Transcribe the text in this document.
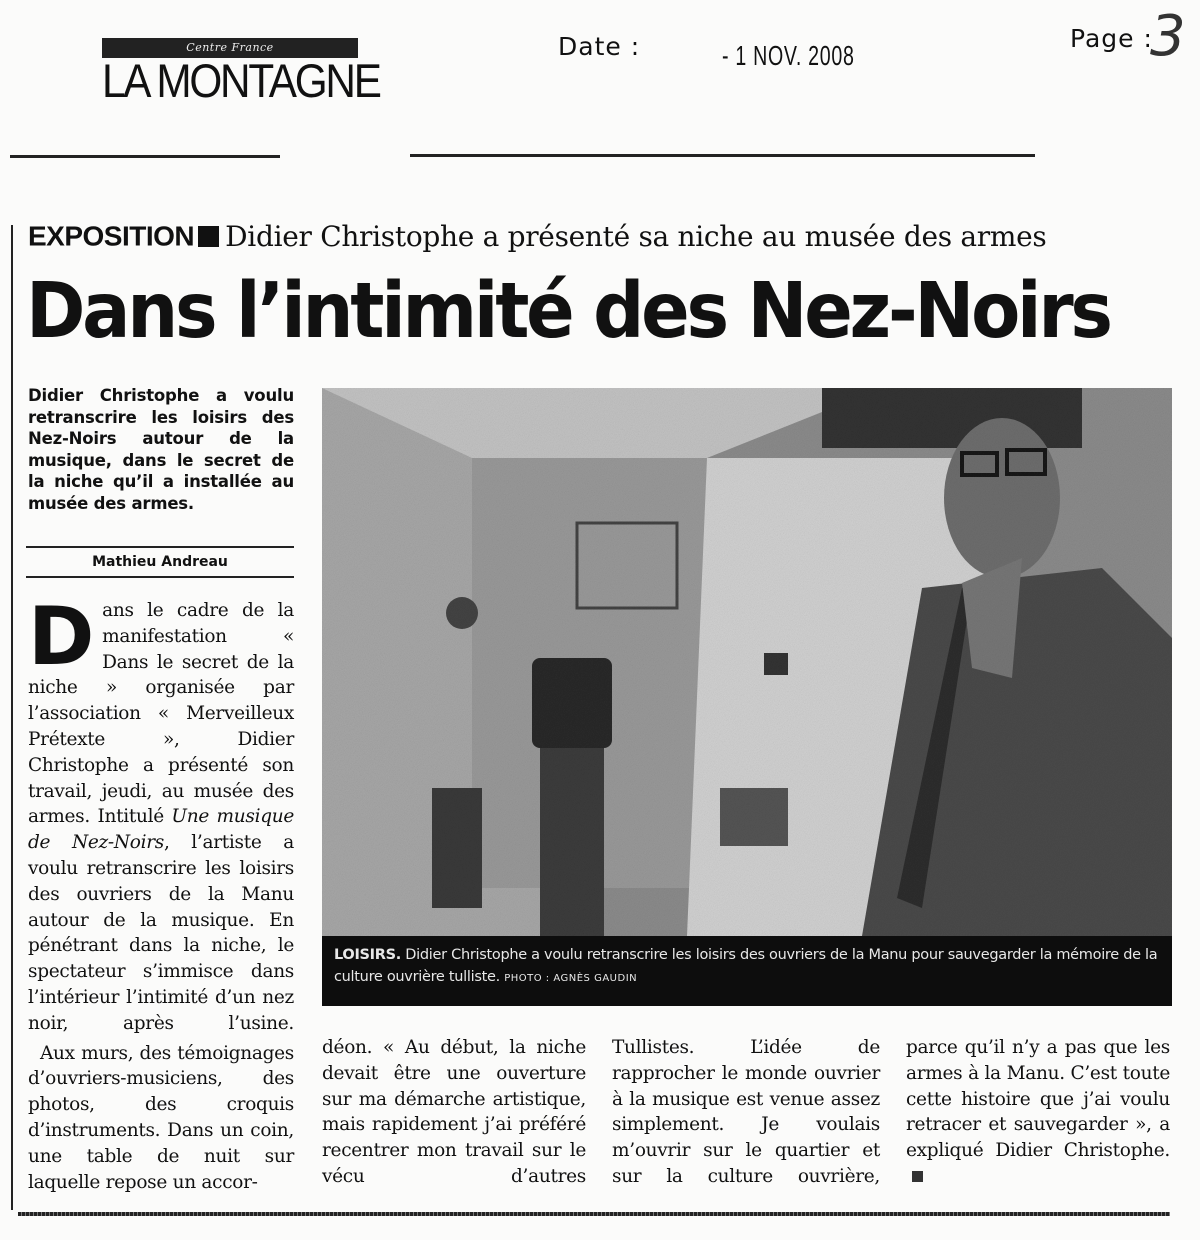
Centre France
LA MONTAGNE
Date :	- 1 NOV. 2008
Page :
3
EXPOSITION Didier Christophe a présenté sa niche au musée des armes
Dans l’intimité des Nez-Noirs
Didier Christophe a voulu retranscrire les loisirs des Nez-Noirs autour de la musique, dans le secret de la niche qu’il a installée au musée des armes.
Mathieu Andreau

Dans le cadre de la manifestation « Dans le secret de la niche » organisée par l’association « Merveilleux Prétexte », Didier Christophe a présenté son travail, jeudi, au musée des armes. Intitulé Une musique de Nez-Noirs, l’artiste a voulu retranscrire les loisirs des ouvriers de la Manu autour de la musique. En pénétrant dans la niche, le spectateur s’immisce dans l’intérieur l’intimité d’un nez noir, après l’usine.

Aux murs, des témoignages d’ouvriers-musiciens, des photos, des croquis d’instruments. Dans un coin, une table de nuit sur laquelle repose un accor-

LOISIRS. Didier Christophe a voulu retranscrire les loisirs des ouvriers de la Manu pour sauvegarder la mémoire de la culture ouvrière tulliste. PHOTO : AGNÈS GAUDIN

déon. « Au début, la niche devait être une ouverture sur ma démarche artistique, mais rapidement j’ai préféré recentrer mon travail sur le vécu d’autres

Tullistes. L’idée de rapprocher le monde ouvrier à la musique est venue assez simplement. Je voulais m’ouvrir sur le quartier et sur la culture ouvrière,

parce qu’il n’y a pas que les armes à la Manu. C’est toute cette histoire que j’ai voulu retracer et sauvegarder », a expliqué Didier Christophe.
